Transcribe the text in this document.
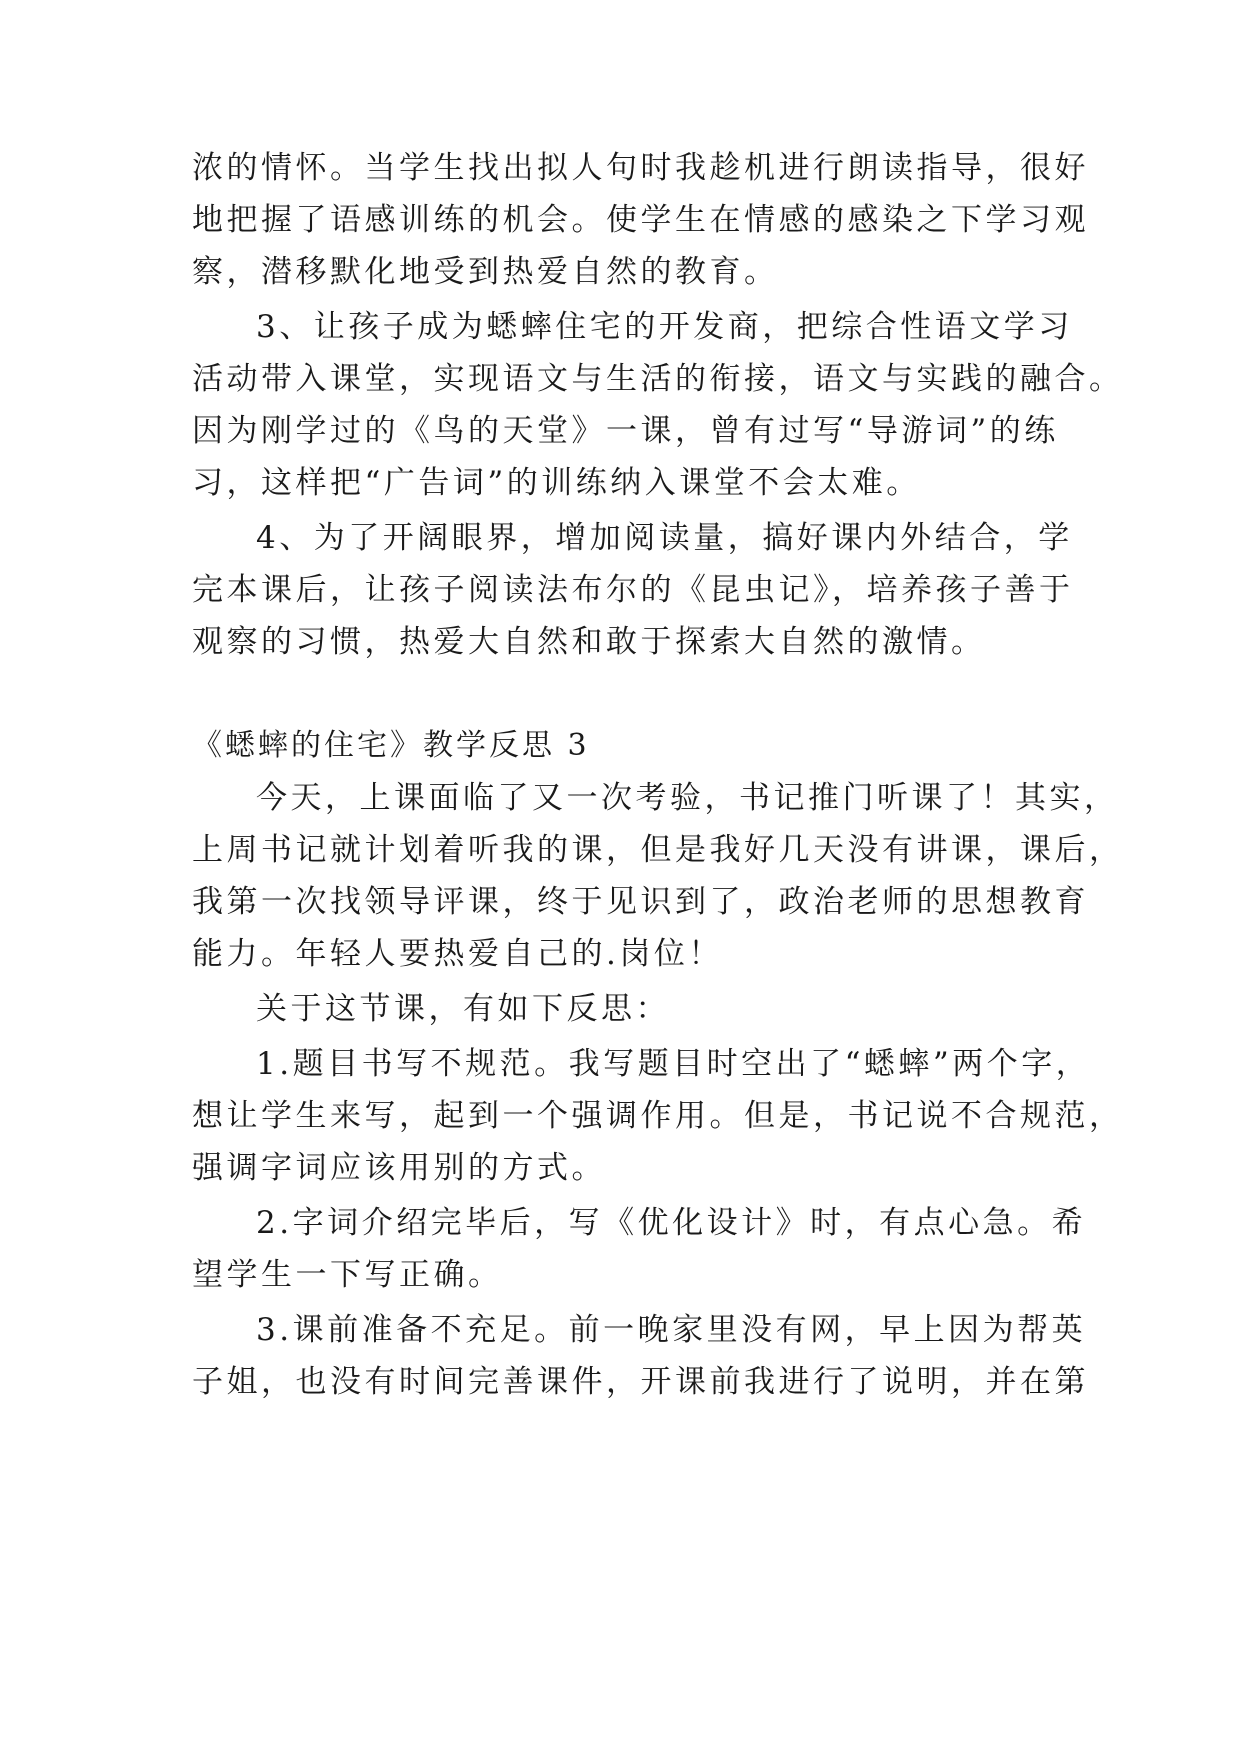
浓的情怀。当学生找出拟人句时我趁机进行朗读指导，很好
地把握了语感训练的机会。使学生在情感的感染之下学习观
察，潜移默化地受到热爱自然的教育。
3、让孩子成为蟋蟀住宅的开发商，把综合性语文学习
活动带入课堂，实现语文与生活的衔接，语文与实践的融合。
因为刚学过的《鸟的天堂》一课，曾有过写“导游词”的练
习，这样把“广告词”的训练纳入课堂不会太难。
4、为了开阔眼界，增加阅读量，搞好课内外结合，学
完本课后，让孩子阅读法布尔的《昆虫记》，培养孩子善于
观察的习惯，热爱大自然和敢于探索大自然的激情。
《蟋蟀的住宅》教学反思 3
今天，上课面临了又一次考验，书记推门听课了！其实，
上周书记就计划着听我的课，但是我好几天没有讲课，课后，
我第一次找领导评课，终于见识到了，政治老师的思想教育
能力。年轻人要热爱自己的.岗位！
关于这节课，有如下反思：
1.题目书写不规范。我写题目时空出了“蟋蟀”两个字，
想让学生来写，起到一个强调作用。但是，书记说不合规范，
强调字词应该用别的方式。
2.字词介绍完毕后，写《优化设计》时，有点心急。希
望学生一下写正确。
3.课前准备不充足。前一晚家里没有网，早上因为帮英
子姐，也没有时间完善课件，开课前我进行了说明，并在第
